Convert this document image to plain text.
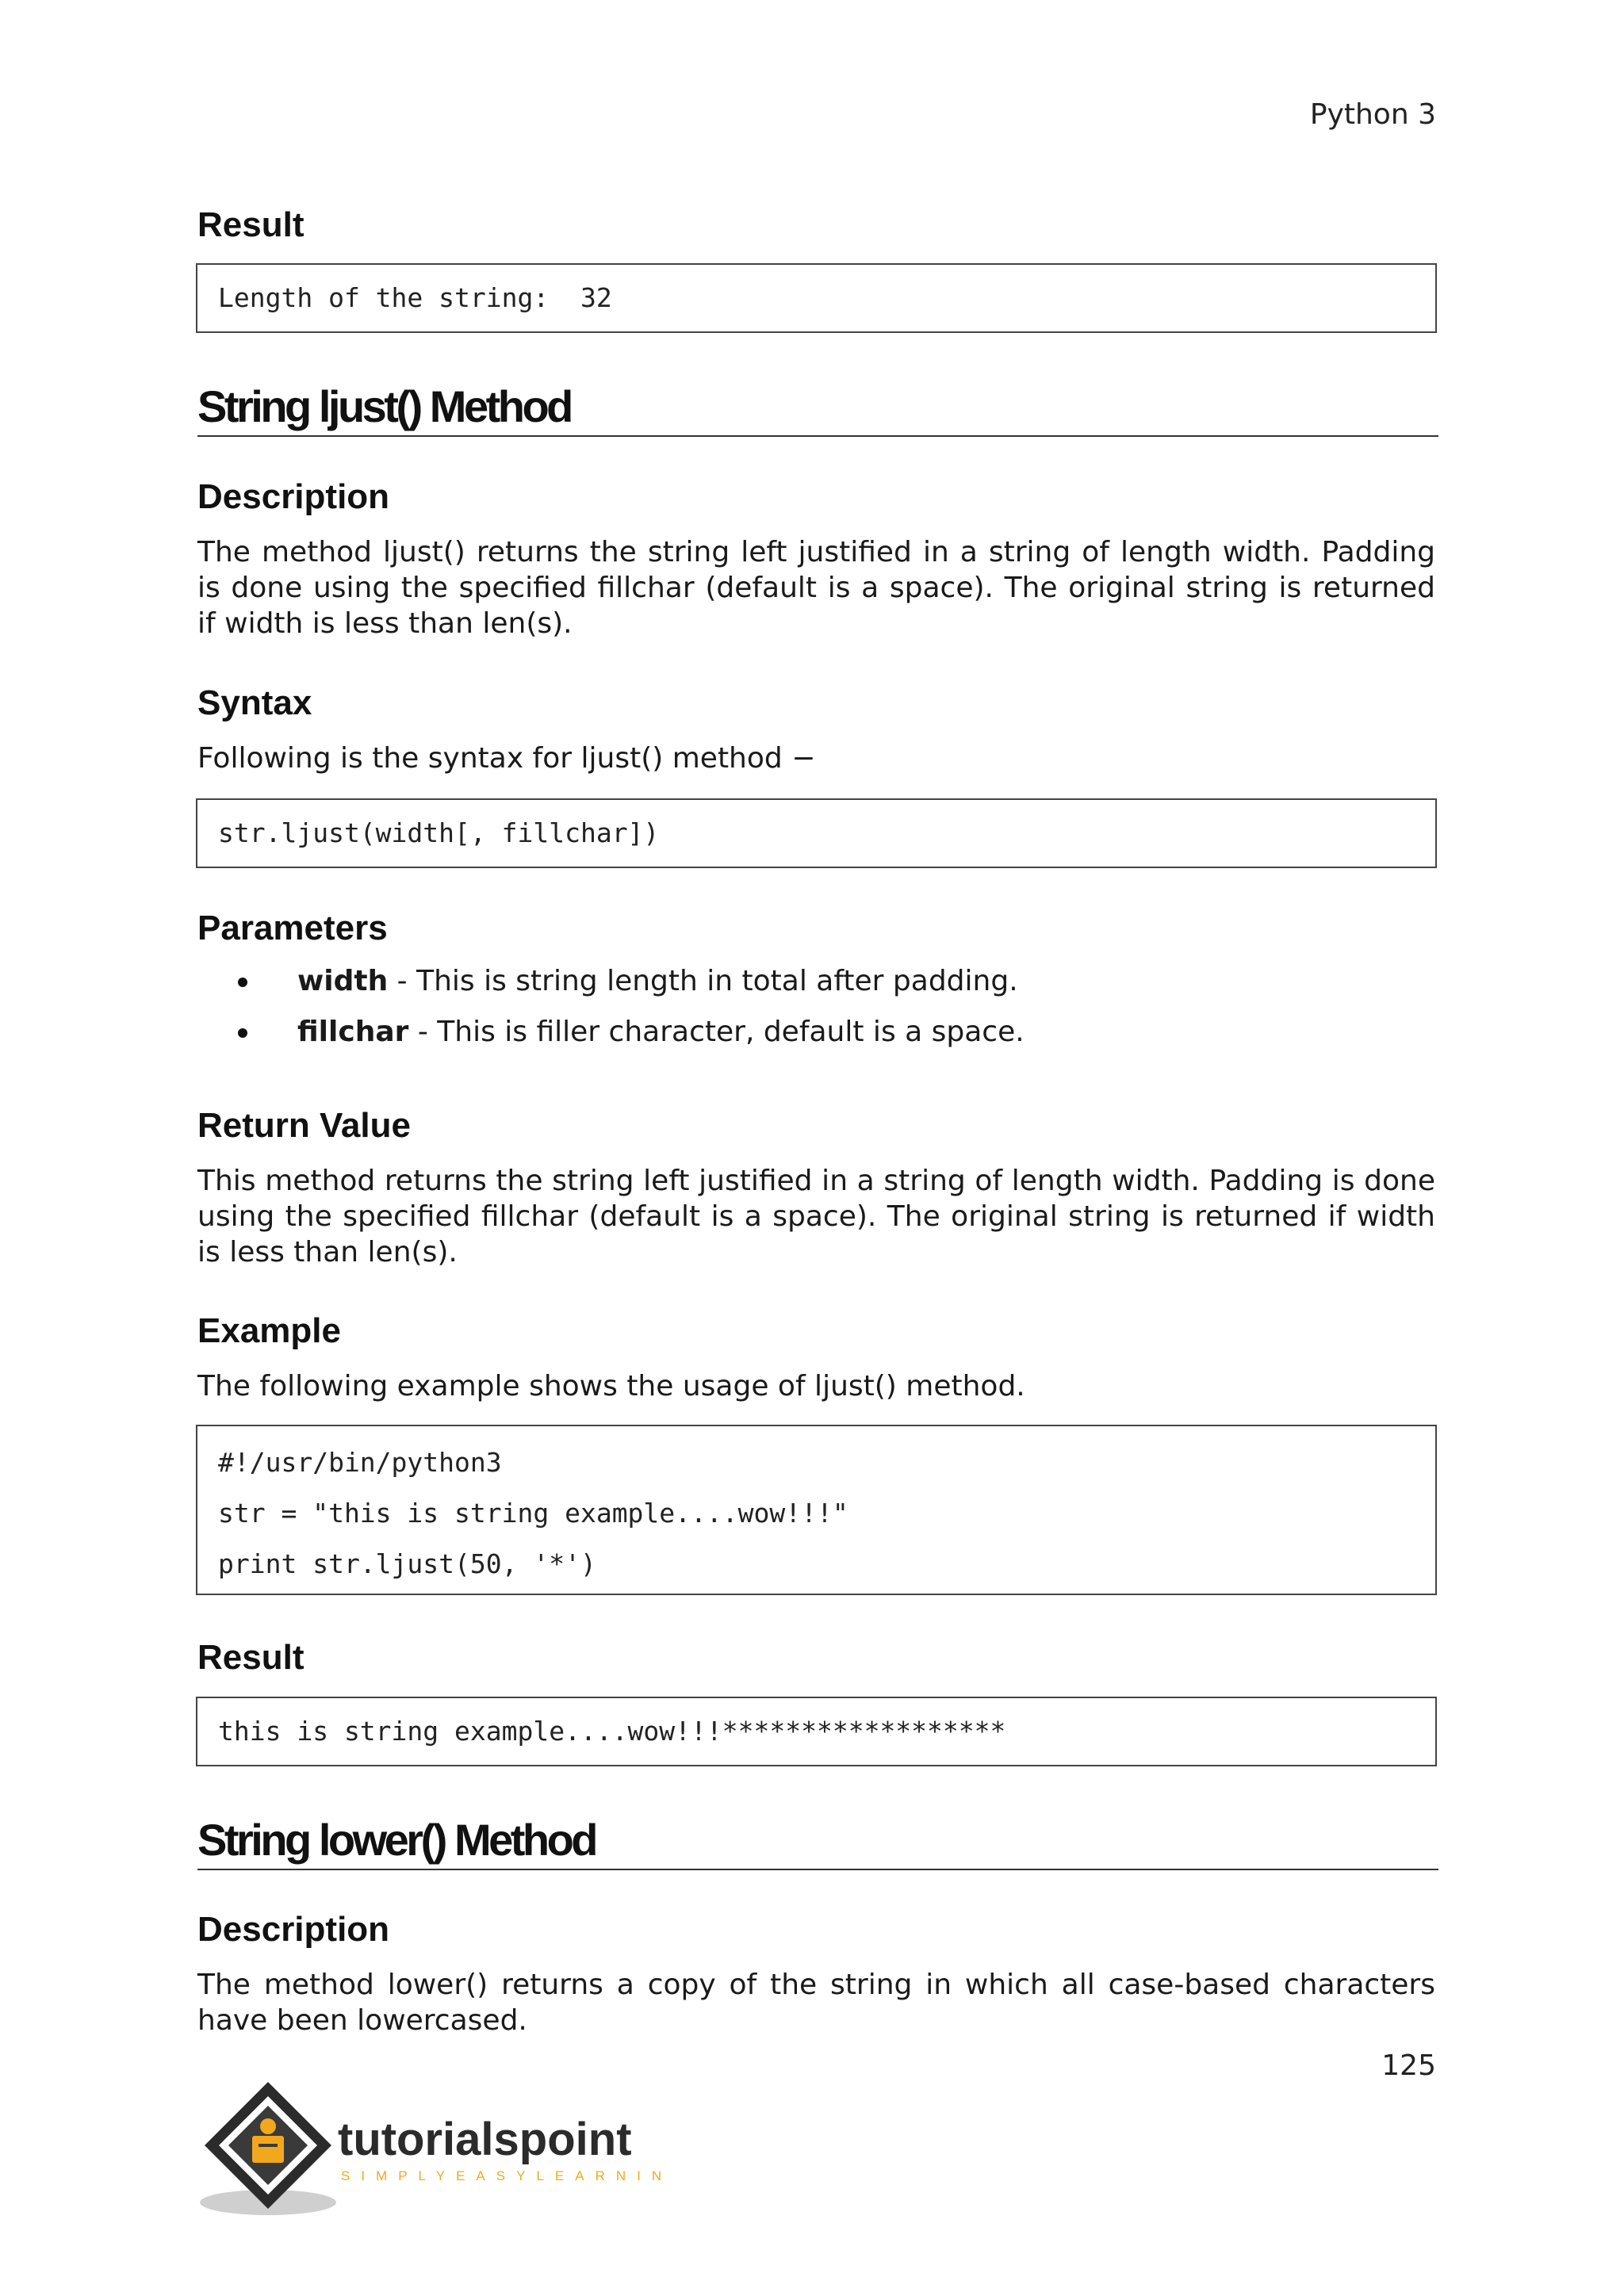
Python 3
Result
Length of the string:  32
String ljust() Method
Description
The method ljust() returns the string left justified in a string of length width. Padding is done using the specified fillchar (default is a space). The original string is returned if width is less than len(s).
Syntax
Following is the syntax for ljust() method −
str.ljust(width[, fillchar])
Parameters
width - This is string length in total after padding.
fillchar - This is filler character, default is a space.
Return Value
This method returns the string left justified in a string of length width. Padding is done using the specified fillchar (default is a space). The original string is returned if width is less than len(s).
Example
The following example shows the usage of ljust() method.
#!/usr/bin/python3
str = "this is string example....wow!!!"
print str.ljust(50, '*')
Result
this is string example....wow!!!******************
String lower() Method
Description
The method lower() returns a copy of the string in which all case-based characters have been lowercased.
125
tutorialspoint
SIMPLYEASYLEARNING
